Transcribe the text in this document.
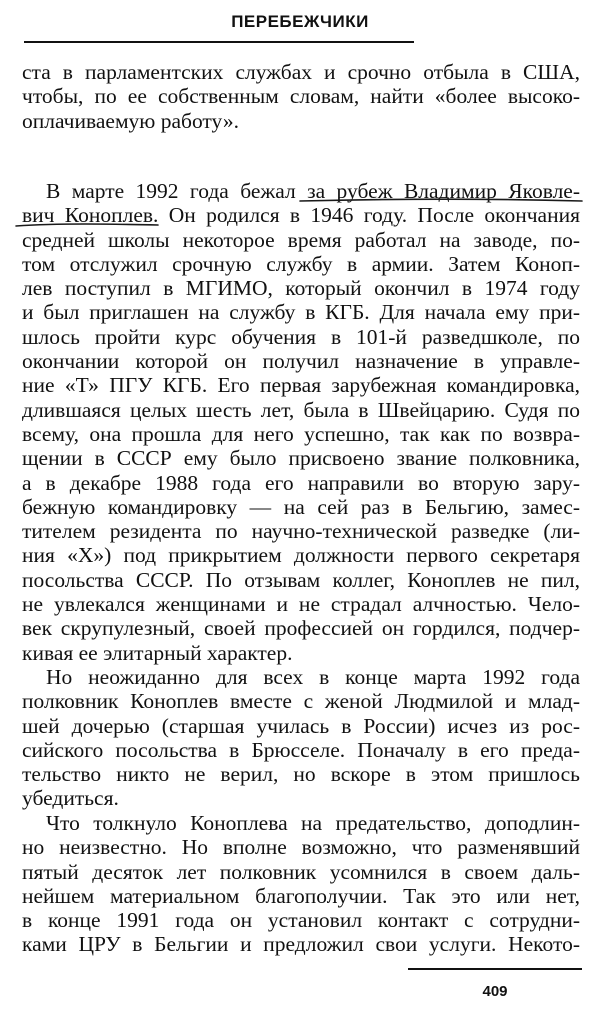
ПЕРЕБЕЖЧИКИ
ста в парламентских службах и срочно отбыла в США,
чтобы, по ее собственным словам, найти «более высоко-
оплачиваемую работу».
В марте 1992 года бежал за рубеж Владимир Яковле-
вич Коноплев. Он родился в 1946 году. После окончания
средней школы некоторое время работал на заводе, по-
том отслужил срочную службу в армии. Затем Коноп-
лев поступил в МГИМО, который окончил в 1974 году
и был приглашен на службу в КГБ. Для начала ему при-
шлось пройти курс обучения в 101-й разведшколе, по
окончании которой он получил назначение в управле-
ние «Т» ПГУ КГБ. Его первая зарубежная командировка,
длившаяся целых шесть лет, была в Швейцарию. Судя по
всему, она прошла для него успешно, так как по возвра-
щении в СССР ему было присвоено звание полковника,
а в декабре 1988 года его направили во вторую зару-
бежную командировку — на сей раз в Бельгию, замес-
тителем резидента по научно-технической разведке (ли-
ния «Х») под прикрытием должности первого секретаря
посольства СССР. По отзывам коллег, Коноплев не пил,
не увлекался женщинами и не страдал алчностью. Чело-
век скрупулезный, своей профессией он гордился, подчер-
кивая ее элитарный характер.
Но неожиданно для всех в конце марта 1992 года
полковник Коноплев вместе с женой Людмилой и млад-
шей дочерью (старшая училась в России) исчез из рос-
сийского посольства в Брюсселе. Поначалу в его преда-
тельство никто не верил, но вскоре в этом пришлось
убедиться.
Что толкнуло Коноплева на предательство, доподлин-
но неизвестно. Но вполне возможно, что разменявший
пятый десяток лет полковник усомнился в своем даль-
нейшем материальном благополучии. Так это или нет,
в конце 1991 года он установил контакт с сотрудни-
ками ЦРУ в Бельгии и предложил свои услуги. Некото-
409
